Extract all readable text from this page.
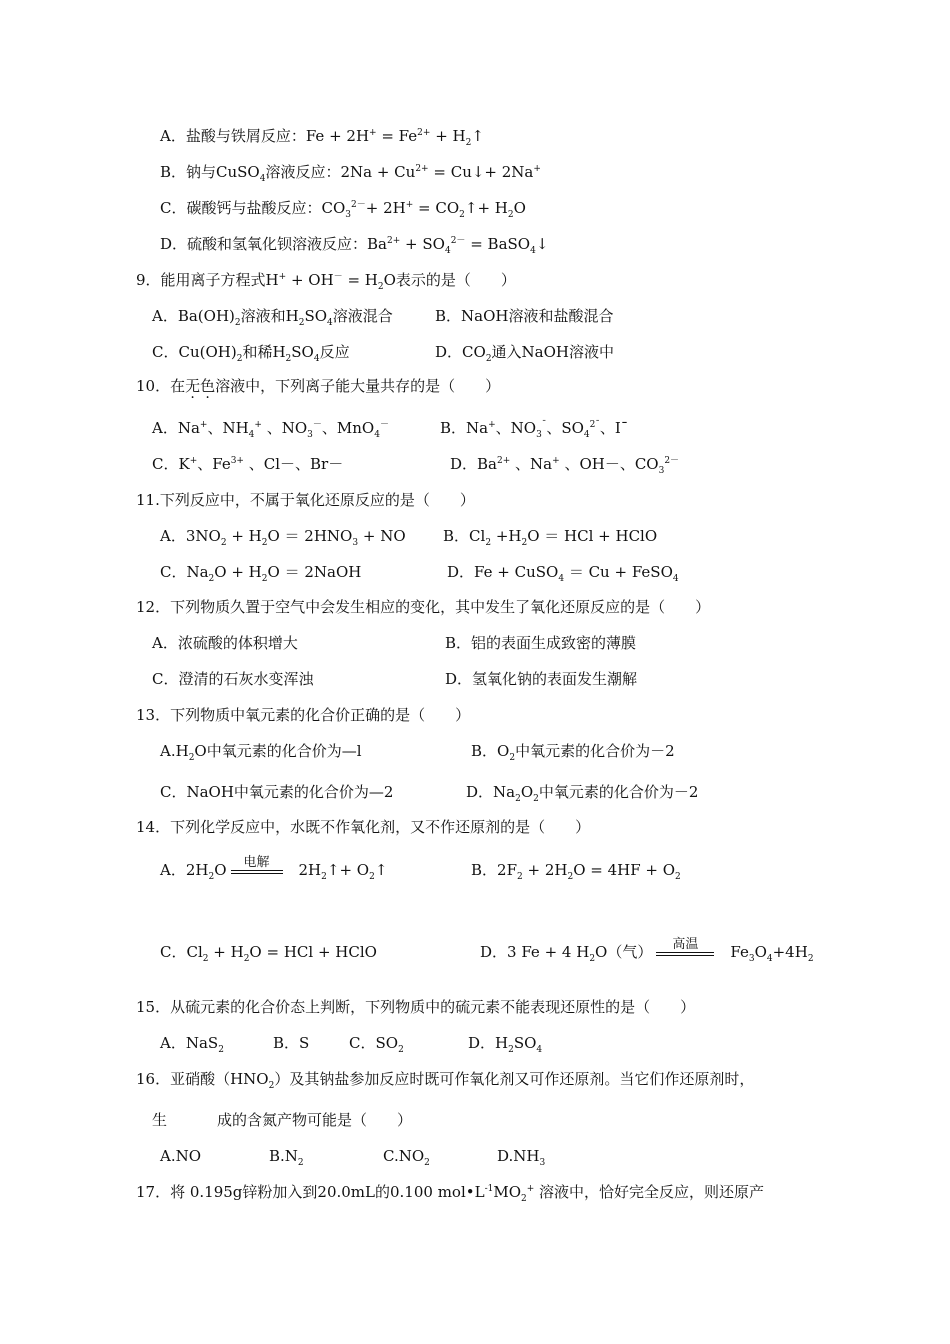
A．盐酸与铁屑反应：$Fe + 2H^+ = Fe^{2+}$ + $H_2↑$
B．钠与CuSO$_4$溶液反应：$2Na + Cu^{2+}$ = Cu↓+ 2Na+
C．碳酸钙与盐酸反应：$CO_3^{2-}+ 2H^+$ = $CO_2↑+ H_2O$
D．硫酸和氢氧化钡溶液反应：$Ba^{2+} + SO_4^{2-}$ = BaSO$_4$↓
9．能用离子方程式$H^+ + OH^- = H_2O$表示的是（　　）
A．$Ba(OH)_2$溶液和$H_2SO_4$溶液混合	B．NaOH溶液和盐酸混合
C．$Cu(OH)_2$和稀$H_2SO_4$反应	D．$CO_2$通入NaOH溶液中
10．在无色溶液中，下列离子能大量共存的是（　　）
A．Na+、$NH_4^+$ 、$NO_3^-$、MnO$_4$－	B．Na+、$NO_3^¯$、$SO_4^{2¯}$、I¯
C．K+、$Fe^{3+}$ 、Cl－、Br－	D．$Ba^{2+}$ 、Na+ 、OH－、$CO_3^{2-}$
11.下列反应中，不属于氧化还原反应的是（　　）
A．$3NO_2 + H_2O = 2HNO_3$ + NO B．$Cl_2 +H_2O$ ＝ HCl + HClO
C．$Na_2O + H_2O$ ＝ 2NaOH	D．Fe + CuSO$_4$ ＝ Cu + FeSO$_4$
12．下列物质久置于空气中会发生相应的变化，其中发生了氧化还原反应的是（　　）
A．浓硫酸的体积增大	B．铝的表面生成致密的薄膜
C．澄清的石灰水变浑浊	D．氢氧化钠的表面发生潮解
13．下列物质中氧元素的化合价正确的是（　　）
$A.H_2O$中氧元素的化合价为—l	B．$O_2$中氧元素的化合价为－2
C．NaOH中氧元素的化合价为—2	D．$Na_2O_2$中氧元素的化合价为－2
14．下列化学反应中，水既不作氧化剂，又不作还原剂的是（　　）
A．$2H_2O$	电解	$2H_2↑+$ $O_2↑$	B．$2F_2 + 2H_2O = 4HF + O_2$
C．$Cl_2 + H_2O$ = HCl + HClO	D．3 Fe + 4 $H_2O$（气）	高温	$Fe_3O_4+4H_2$
15．从硫元素的化合价态上判断，下列物质中的硫元素不能表现还原性的是（　　）
A．NaS$_2$	B．S	C．$SO_2$	D．$H_2SO_4$
16．亚硝酸$(HNO_2)$及其钠盐参加反应时既可作氧化剂又可作还原剂。当它们作还原剂时，
生	成的含氮产物可能是（　　）
A.NO	$B.N_2$	$C.NO_2$	$D.NH_3$
17．将 0.195g锌粉加入到20.0mL的0.100 $mol•L^{-1}MO_2^+$ 溶液中，恰好完全反应，则还原产
